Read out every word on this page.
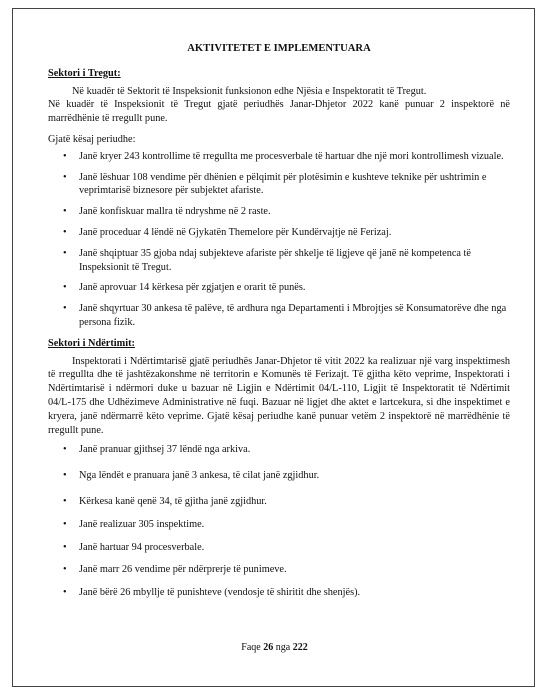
AKTIVITETET E IMPLEMENTUARA
Sektori i Tregut:

Në kuadër të Sektorit të Inspeksionit funksionon edhe Njësia e Inspektoratit të Tregut.

Në kuadër të Inspeksionit të Tregut gjatë periudhës Janar-Dhjetor 2022 kanë punuar 2 inspektorë në marrëdhënie të rregullt pune.

Gjatë kësaj periudhe:

• Janë kryer 243 kontrollime të rregullta me procesverbale të hartuar dhe një mori kontrollimesh vizuale.
• Janë lëshuar 108 vendime për dhënien e pëlqimit për plotësimin e kushteve teknike për ushtrimin e veprimtarisë biznesore për subjektet afariste.
• Janë konfiskuar mallra të ndryshme në 2 raste.
• Janë proceduar 4 lëndë në Gjykatën Themelore për Kundërvajtje në Ferizaj.
• Janë shqiptuar 35 gjoba ndaj subjekteve afariste për shkelje të ligjeve që janë në kompetenca të Inspeksionit të Tregut.
• Janë aprovuar 14 kërkesa për zgjatjen e orarit të punës.
• Janë shqyrtuar 30 ankesa të palëve, të ardhura nga Departamenti i Mbrojtjes së Konsumatorëve dhe nga persona fizik.
Sektori i Ndërtimit:

Inspektorati i Ndërtimtarisë gjatë periudhës Janar-Dhjetor të vitit 2022 ka realizuar një varg inspektimesh të rregullta dhe të jashtëzakonshme në territorin e Komunës të Ferizajt. Të gjitha këto veprime, Inspektorati i Ndërtimtarisë i ndërmori duke u bazuar në Ligjin e Ndërtimit 04/L-110, Ligjit të Inspektoratit të Ndërtimit 04/L-175 dhe Udhëzimeve Administrative në fuqi. Bazuar në ligjet dhe aktet e lartcekura, si dhe inspektimet e kryera, janë ndërmarrë këto veprime. Gjatë kësaj periudhe kanë punuar vetëm 2 inspektorë në marrëdhënie të rregullt pune.

• Janë pranuar gjithsej 37 lëndë nga arkiva.
• Nga lëndët e pranuara janë 3 ankesa, të cilat janë zgjidhur.
• Kërkesa kanë qenë 34, të gjitha janë zgjidhur.
• Janë realizuar 305 inspektime.
• Janë hartuar 94 procesverbale.
• Janë marr 26 vendime për ndërprerje të punimeve.
• Janë bërë 26 mbyllje të punishteve (vendosje të shiritit dhe shenjës).
Faqe 26 nga 222
